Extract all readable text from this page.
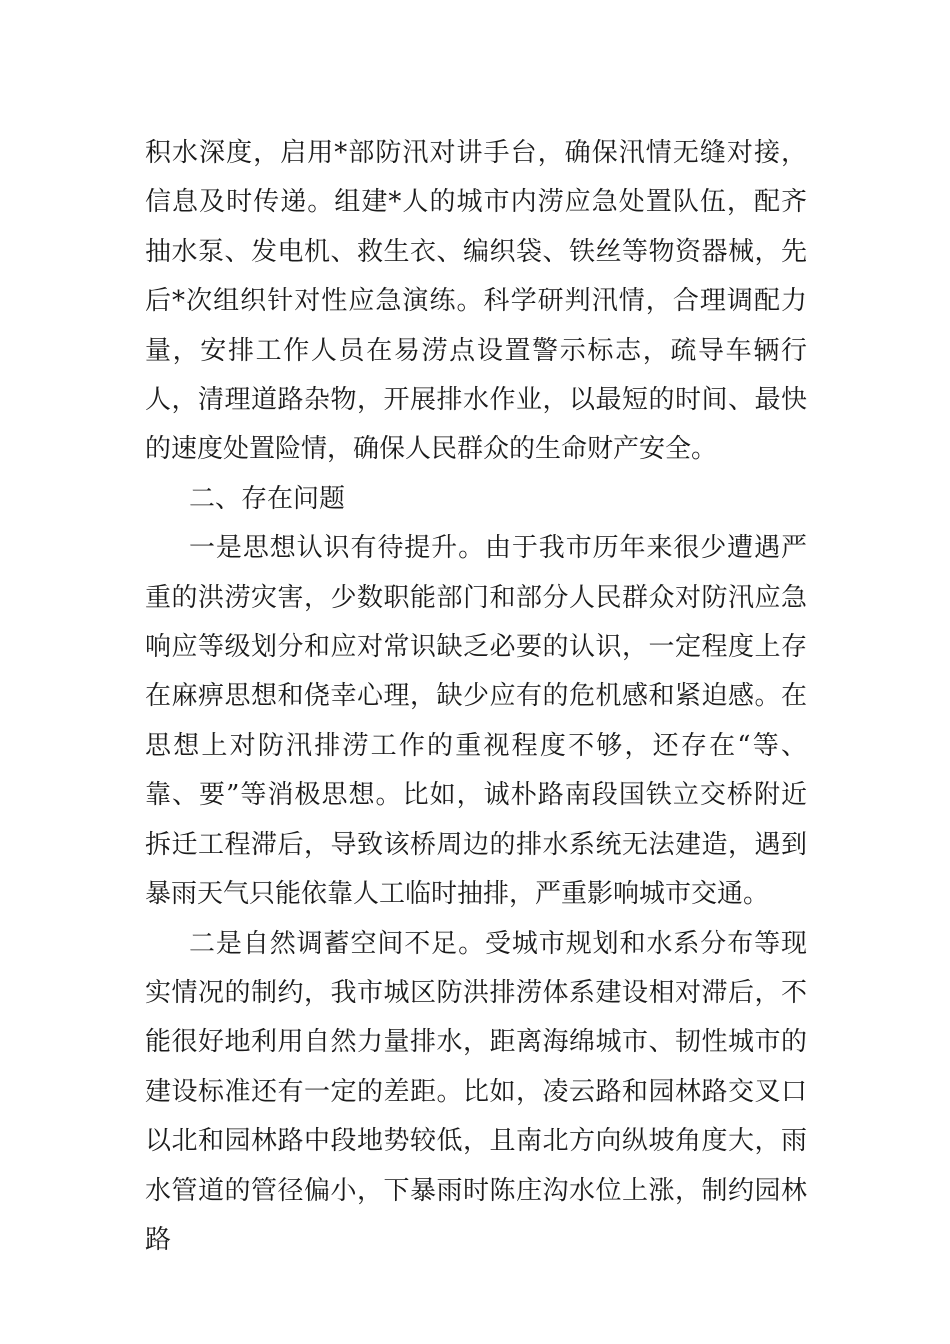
积水深度，启用*部防汛对讲手台，确保汛情无缝对接，信息及时传递。组建*人的城市内涝应急处置队伍，配齐抽水泵、发电机、救生衣、编织袋、铁丝等物资器械，先后*次组织针对性应急演练。科学研判汛情，合理调配力量，安排工作人员在易涝点设置警示标志，疏导车辆行人，清理道路杂物，开展排水作业，以最短的时间、最快的速度处置险情，确保人民群众的生命财产安全。

二、存在问题

一是思想认识有待提升。由于我市历年来很少遭遇严重的洪涝灾害，少数职能部门和部分人民群众对防汛应急响应等级划分和应对常识缺乏必要的认识，一定程度上存在麻痹思想和侥幸心理，缺少应有的危机感和紧迫感。在思想上对防汛排涝工作的重视程度不够，还存在“等、靠、要”等消极思想。比如，诚朴路南段国铁立交桥附近拆迁工程滞后，导致该桥周边的排水系统无法建造，遇到暴雨天气只能依靠人工临时抽排，严重影响城市交通。

二是自然调蓄空间不足。受城市规划和水系分布等现实情况的制约，我市城区防洪排涝体系建设相对滞后，不能很好地利用自然力量排水，距离海绵城市、韧性城市的建设标准还有一定的差距。比如，凌云路和园林路交叉口以北和园林路中段地势较低，且南北方向纵坡角度大，雨水管道的管径偏小，下暴雨时陈庄沟水位上涨，制约园林路
